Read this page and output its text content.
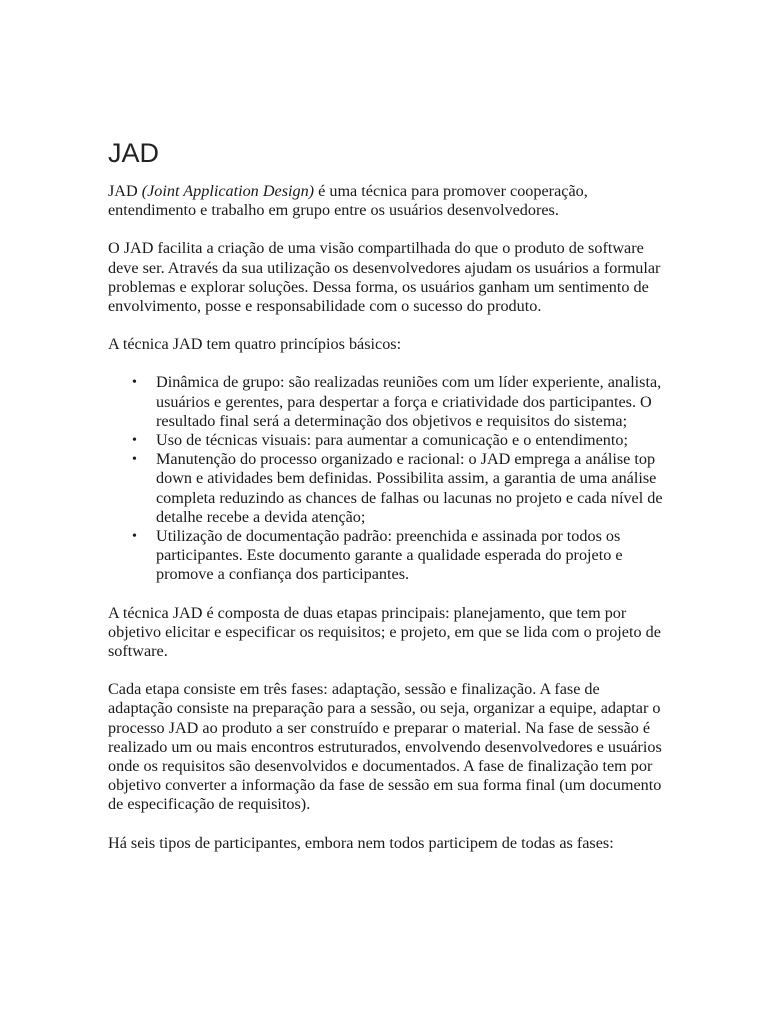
JAD

JAD (Joint Application Design) é uma técnica para promover cooperação, entendimento e trabalho em grupo entre os usuários desenvolvedores.

O JAD facilita a criação de uma visão compartilhada do que o produto de software deve ser. Através da sua utilização os desenvolvedores ajudam os usuários a formular problemas e explorar soluções. Dessa forma, os usuários ganham um sentimento de envolvimento, posse e responsabilidade com o sucesso do produto.

A técnica JAD tem quatro princípios básicos:

• Dinâmica de grupo: são realizadas reuniões com um líder experiente, analista, usuários e gerentes, para despertar a força e criatividade dos participantes. O resultado final será a determinação dos objetivos e requisitos do sistema;
• Uso de técnicas visuais: para aumentar a comunicação e o entendimento;
• Manutenção do processo organizado e racional: o JAD emprega a análise top down e atividades bem definidas. Possibilita assim, a garantia de uma análise completa reduzindo as chances de falhas ou lacunas no projeto e cada nível de detalhe recebe a devida atenção;
• Utilização de documentação padrão: preenchida e assinada por todos os participantes. Este documento garante a qualidade esperada do projeto e promove a confiança dos participantes.

A técnica JAD é composta de duas etapas principais: planejamento, que tem por objetivo elicitar e especificar os requisitos; e projeto, em que se lida com o projeto de software.

Cada etapa consiste em três fases: adaptação, sessão e finalização. A fase de adaptação consiste na preparação para a sessão, ou seja, organizar a equipe, adaptar o processo JAD ao produto a ser construído e preparar o material. Na fase de sessão é realizado um ou mais encontros estruturados, envolvendo desenvolvedores e usuários onde os requisitos são desenvolvidos e documentados. A fase de finalização tem por objetivo converter a informação da fase de sessão em sua forma final (um documento de especificação de requisitos).

Há seis tipos de participantes, embora nem todos participem de todas as fases:
